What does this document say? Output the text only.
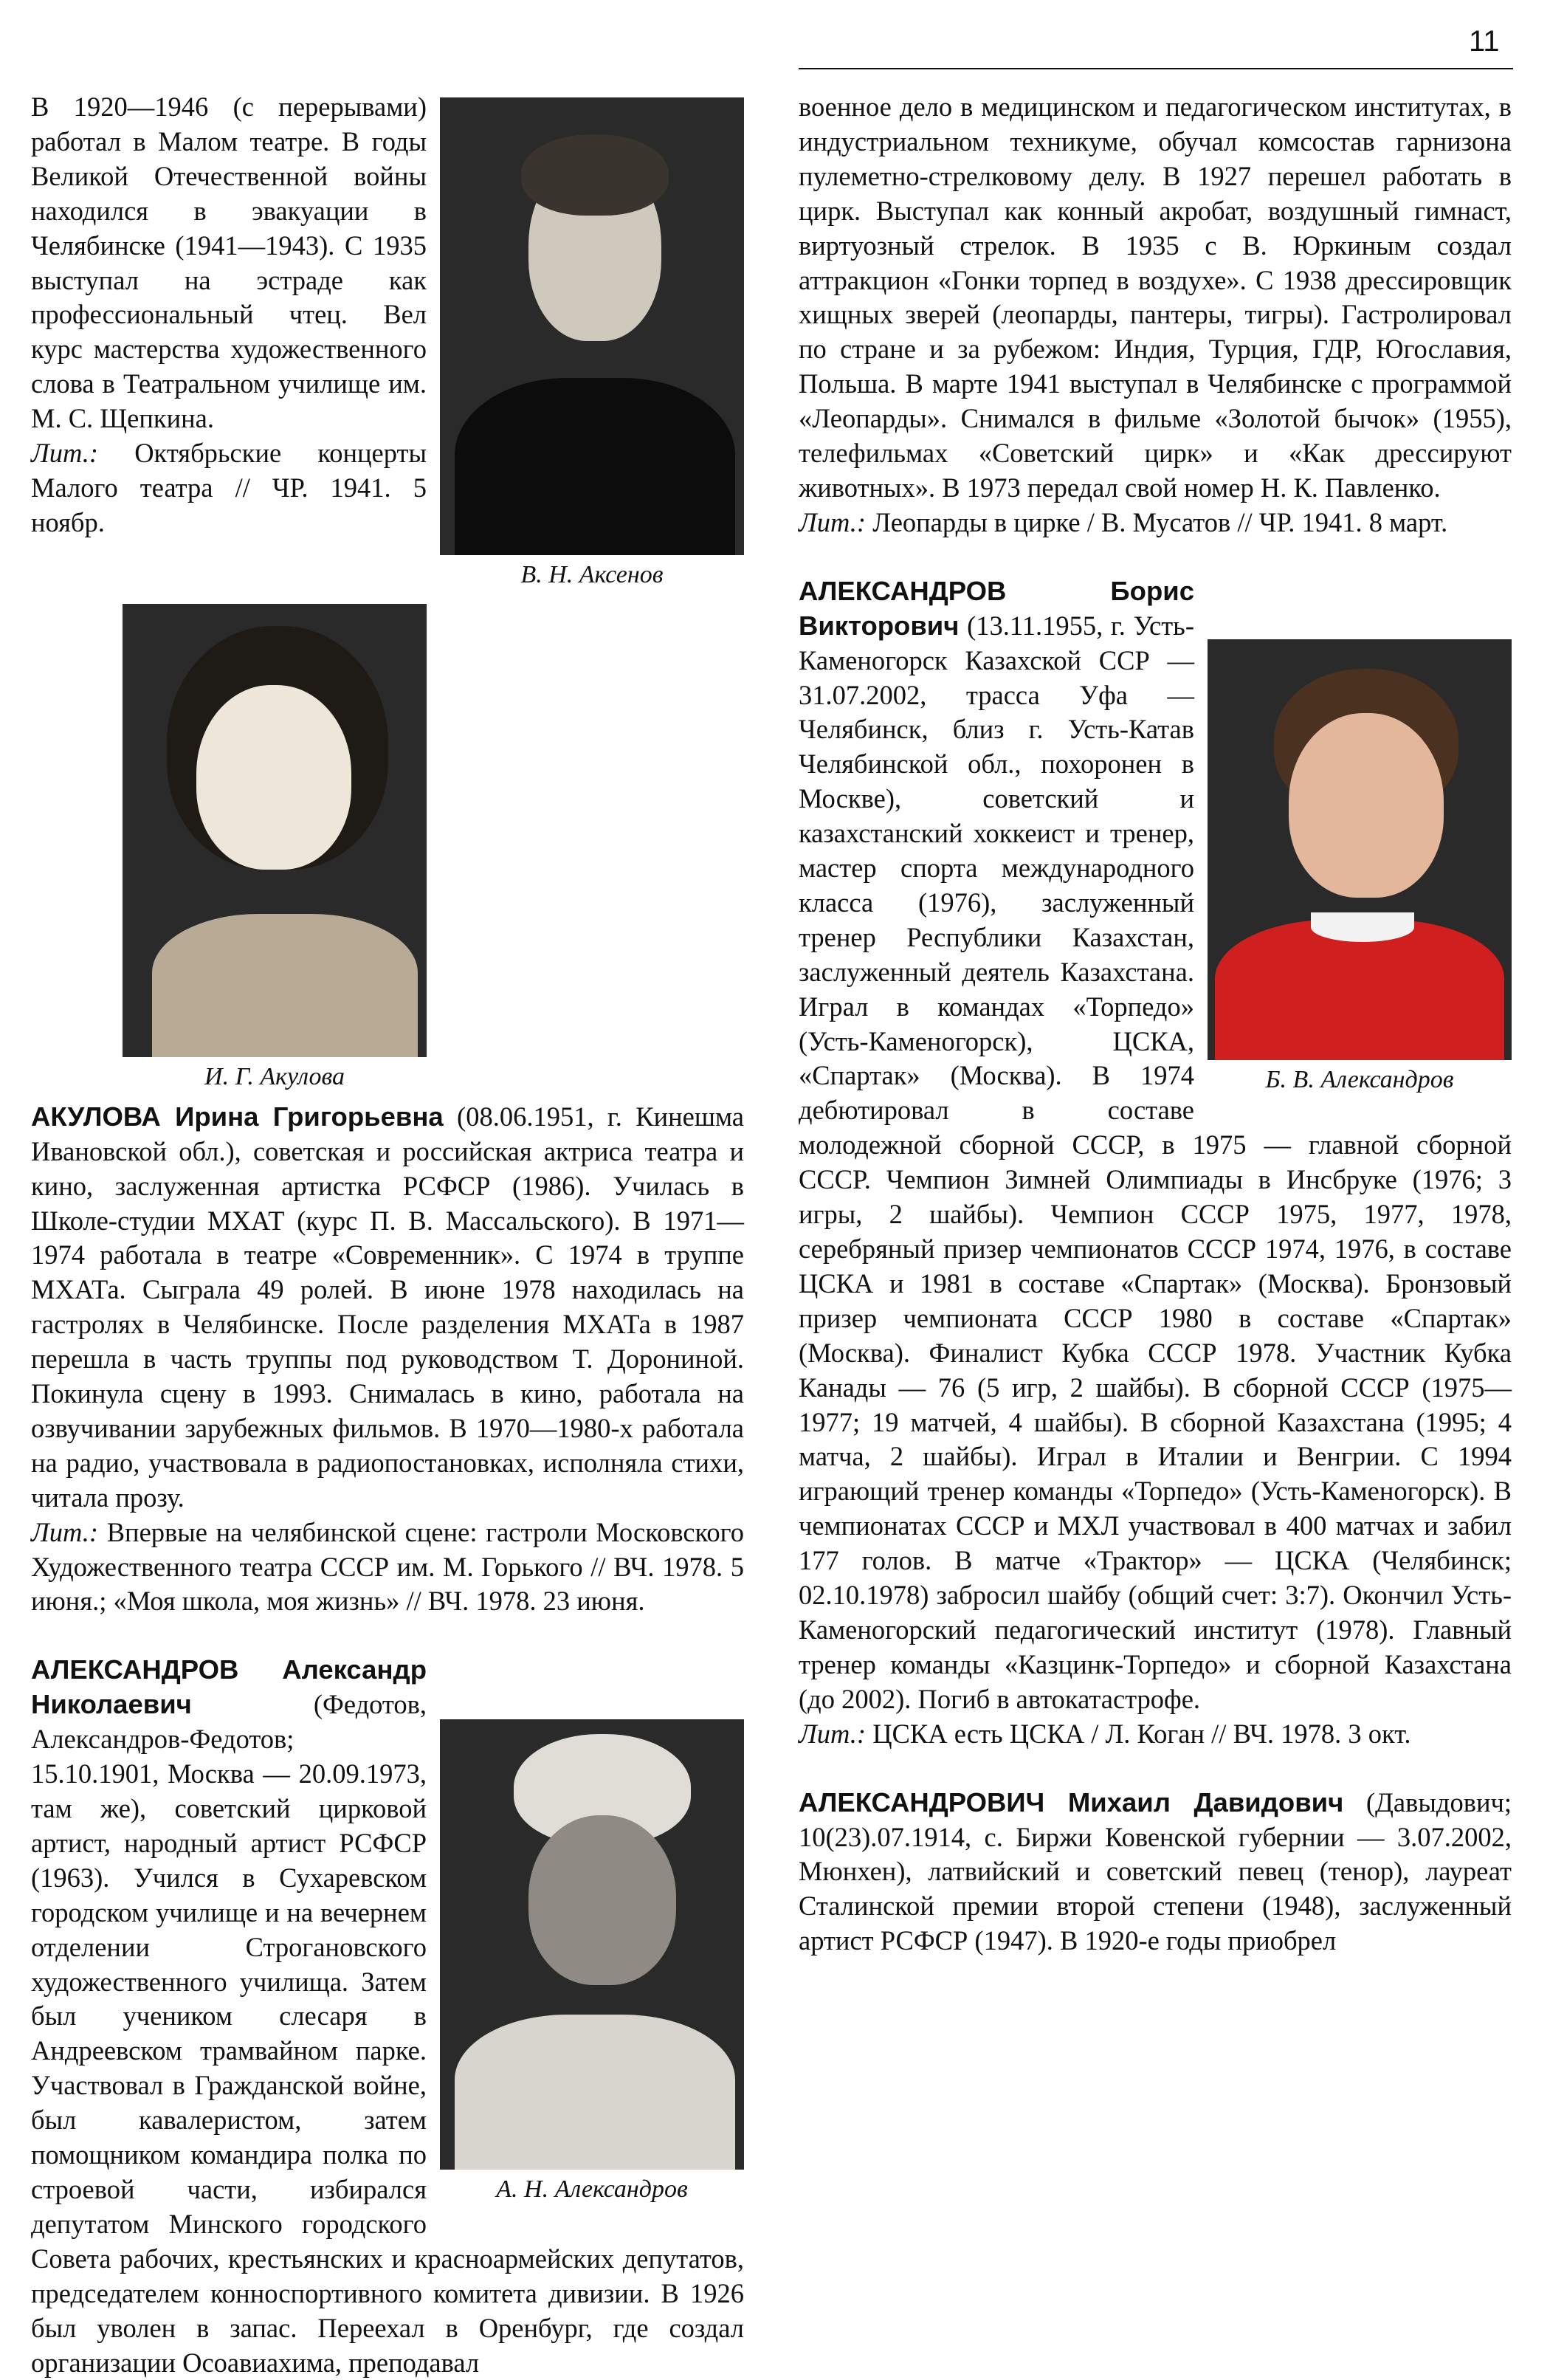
11
В. Н. Аксенов

В 1920—1946 (с перерывами) работал в Малом театре. В годы Великой Отечественной войны находился в эвакуации в Челябинске (1941—1943). С 1935 выступал на эстраде как профессиональный чтец. Вел курс мастерства художественного слова в Театральном училище им. М. С. Щепкина.

Лит.: Октябрьские концерты Малого театра // ЧР. 1941. 5 ноябр.

И. Г. Акулова

АКУЛОВА Ирина Григорьевна (08.06.1951, г. Кинешма Ивановской обл.), советская и российская актриса театра и кино, заслуженная артистка РСФСР (1986). Училась в Школе-студии МХАТ (курс П. В. Массальского). В 1971—1974 работала в театре «Современник». С 1974 в труппе МХАТа. Сыграла 49 ролей. В июне 1978 находилась на гастролях в Челябинске. После разделения МХАТа в 1987 перешла в часть труппы под руководством Т. Дорониной. Покинула сцену в 1993. Снималась в кино, работала на озвучивании зарубежных фильмов. В 1970—1980-х работала на радио, участвовала в радиопостановках, исполняла стихи, читала прозу.

Лит.: Впервые на челябинской сцене: гастроли Московского Художественного театра СССР им. М. Горького // ВЧ. 1978. 5 июня.; «Моя школа, моя жизнь» // ВЧ. 1978. 23 июня.

А. Н. Александров

АЛЕКСАНДРОВ Александр Николаевич (Федотов, Александров-Федотов; 15.10.1901, Москва — 20.09.1973, там же), советский цирковой артист, народный артист РСФСР (1963). Учился в Сухаревском городском училище и на вечернем отделении Строгановского художественного училища. Затем был учеником слесаря в Андреевском трамвайном парке. Участвовал в Гражданской войне, был кавалеристом, затем помощником командира полка по строевой части, избирался депутатом Минского городского Совета рабочих, крестьянских и красноармейских депутатов, председателем конноспортивного комитета дивизии. В 1926 был уволен в запас. Переехал в Оренбург, где создал организации Осоавиахима, преподавал

военное дело в медицинском и педагогическом институтах, в индустриальном техникуме, обучал комсостав гарнизона пулеметно-стрелковому делу. В 1927 перешел работать в цирк. Выступал как конный акробат, воздушный гимнаст, виртуозный стрелок. В 1935 с В. Юркиным создал аттракцион «Гонки торпед в воздухе». С 1938 дрессировщик хищных зверей (леопарды, пантеры, тигры). Гастролировал по стране и за рубежом: Индия, Турция, ГДР, Югославия, Польша. В марте 1941 выступал в Челябинске с программой «Леопарды». Снимался в фильме «Золотой бычок» (1955), телефильмах «Советский цирк» и «Как дрессируют животных». В 1973 передал свой номер Н. К. Павленко.

Лит.: Леопарды в цирке / В. Мусатов // ЧР. 1941. 8 март.

Б. В. Александров

АЛЕКСАНДРОВ Борис Викторович (13.11.1955, г. Усть-Каменогорск Казахской ССР — 31.07.2002, трасса Уфа — Челябинск, близ г. Усть-Катав Челябинской обл., похоронен в Москве), советский и казахстанский хоккеист и тренер, мастер спорта международного класса (1976), заслуженный тренер Республики Казахстан, заслуженный деятель Казахстана. Играл в командах «Торпедо» (Усть-Каменогорск), ЦСКА, «Спартак» (Москва). В 1974 дебютировал в составе молодежной сборной СССР, в 1975 — главной сборной СССР. Чемпион Зимней Олимпиады в Инсбруке (1976; 3 игры, 2 шайбы). Чемпион СССР 1975, 1977, 1978, серебряный призер чемпионатов СССР 1974, 1976, в составе ЦСКА и 1981 в составе «Спартак» (Москва). Бронзовый призер чемпионата СССР 1980 в составе «Спартак» (Москва). Финалист Кубка СССР 1978. Участник Кубка Канады — 76 (5 игр, 2 шайбы). В сборной СССР (1975—1977; 19 матчей, 4 шайбы). В сборной Казахстана (1995; 4 матча, 2 шайбы). Играл в Италии и Венгрии. С 1994 играющий тренер команды «Торпедо» (Усть-Каменогорск). В чемпионатах СССР и МХЛ участвовал в 400 матчах и забил 177 голов. В матче «Трактор» — ЦСКА (Челябинск; 02.10.1978) забросил шайбу (общий счет: 3:7). Окончил Усть-Каменогорский педагогический институт (1978). Главный тренер команды «Казцинк-Торпедо» и сборной Казахстана (до 2002). Погиб в автокатастрофе.

Лит.: ЦСКА есть ЦСКА / Л. Коган // ВЧ. 1978. 3 окт.

АЛЕКСАНДРОВИЧ Михаил Давидович (Давыдович; 10(23).07.1914, с. Биржи Ковенской губернии — 3.07.2002, Мюнхен), латвийский и советский певец (тенор), лауреат Сталинской премии второй степени (1948), заслуженный артист РСФСР (1947). В 1920-е годы приобрел
